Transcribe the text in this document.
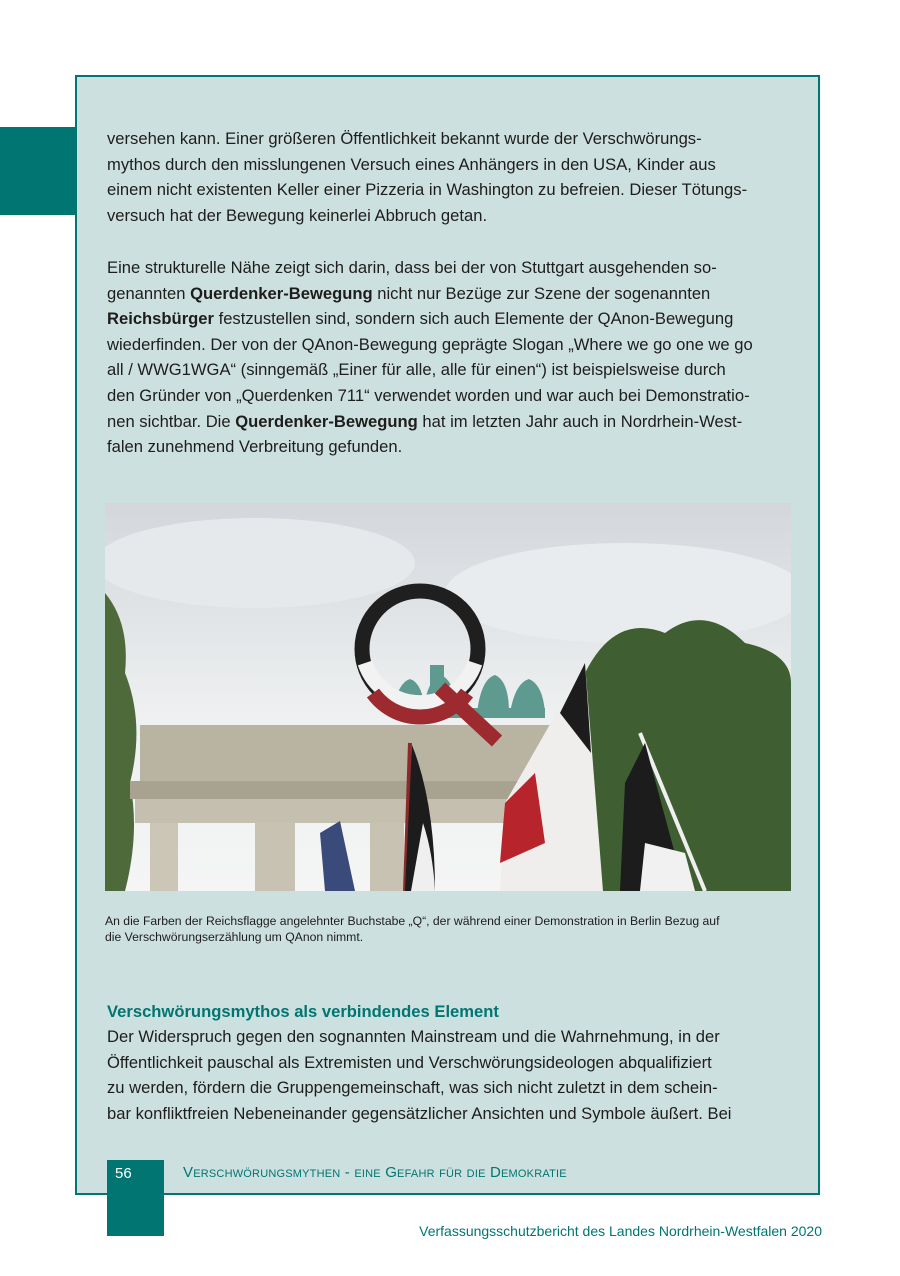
versehen kann. Einer größeren Öffentlichkeit bekannt wurde der Verschwörungs-
mythos durch den misslungenen Versuch eines Anhängers in den USA, Kinder aus
einem nicht existenten Keller einer Pizzeria in Washington zu befreien. Dieser Tötungs-
versuch hat der Bewegung keinerlei Abbruch getan.

Eine strukturelle Nähe zeigt sich darin, dass bei der von Stuttgart ausgehenden so-
genannten Querdenker-Bewegung nicht nur Bezüge zur Szene der sogenannten
Reichsbürger festzustellen sind, sondern sich auch Elemente der QAnon-Bewegung
wiederfinden. Der von der QAnon-Bewegung geprägte Slogan „Where we go one we go
all / WWG1WGA“ (sinngemäß „Einer für alle, alle für einen“) ist beispielsweise durch
den Gründer von „Querdenken 711“ verwendet worden und war auch bei Demonstratio-
nen sichtbar. Die Querdenker-Bewegung hat im letzten Jahr auch in Nordrhein-West-
falen zunehmend Verbreitung gefunden.

An die Farben der Reichsflagge angelehnter Buchstabe „Q“, der während einer Demonstration in Berlin Bezug auf
die Verschwörungserzählung um QAnon nimmt.

Verschwörungsmythos als verbindendes Element

Der Widerspruch gegen den sognannten Mainstream und die Wahrnehmung, in der
Öffentlichkeit pauschal als Extremisten und Verschwörungsideologen abqualifiziert
zu werden, fördern die Gruppengemeinschaft, was sich nicht zuletzt in dem schein-
bar konfliktfreien Nebeneinander gegensätzlicher Ansichten und Symbole äußert. Bei

56	Verschwörungsmythen - eine Gefahr für die Demokratie
Verfassungsschutzbericht des Landes Nordrhein-Westfalen 2020
